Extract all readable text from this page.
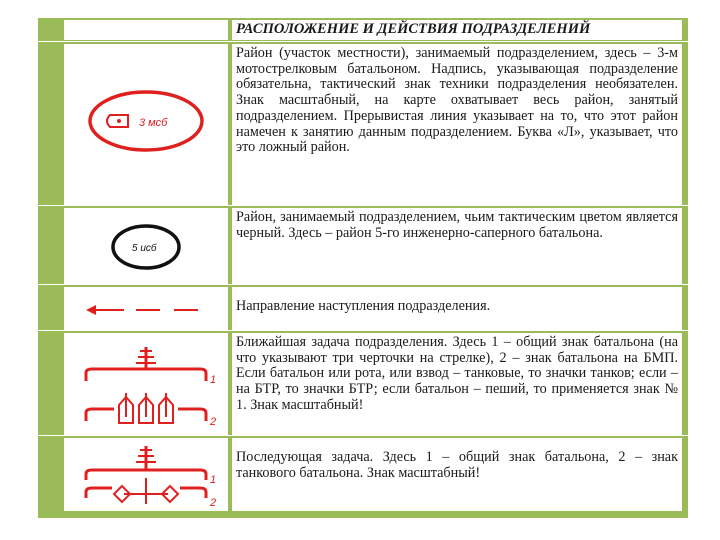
РАСПОЛОЖЕНИЕ И ДЕЙСТВИЯ ПОДРАЗДЕЛЕНИЙ
3 мсб
Район (участок местности), занимаемый подразделением, здесь – 3-м мотострелковым батальоном. Надпись, указывающая подразделение обязательна, тактический знак техники подразделения необязателен. Знак масштабный, на карте охватывает весь район, занятый подразделением. Прерывистая линия указывает на то, что этот район намечен к занятию данным подразделением. Буква «Л», указывает, что это ложный район.
5 исб
Район, занимаемый подразделением, чьим тактическим цветом является черный. Здесь – район 5-го инженерно-саперного батальона.
Направление наступления подразделения.
1
2
Ближайшая задача подразделения. Здесь 1 – общий знак батальона (на что указывают три черточки на стрелке), 2 – знак батальона на БМП. Если батальон или рота, или взвод – танковые, то значки танков; если – на БТР, то значки БТР; если батальон – пеший, то применяется знак № 1. Знак масштабный!
1
2
Последующая задача. Здесь 1 – общий знак батальона, 2 – знак танкового батальона. Знак масштабный!
